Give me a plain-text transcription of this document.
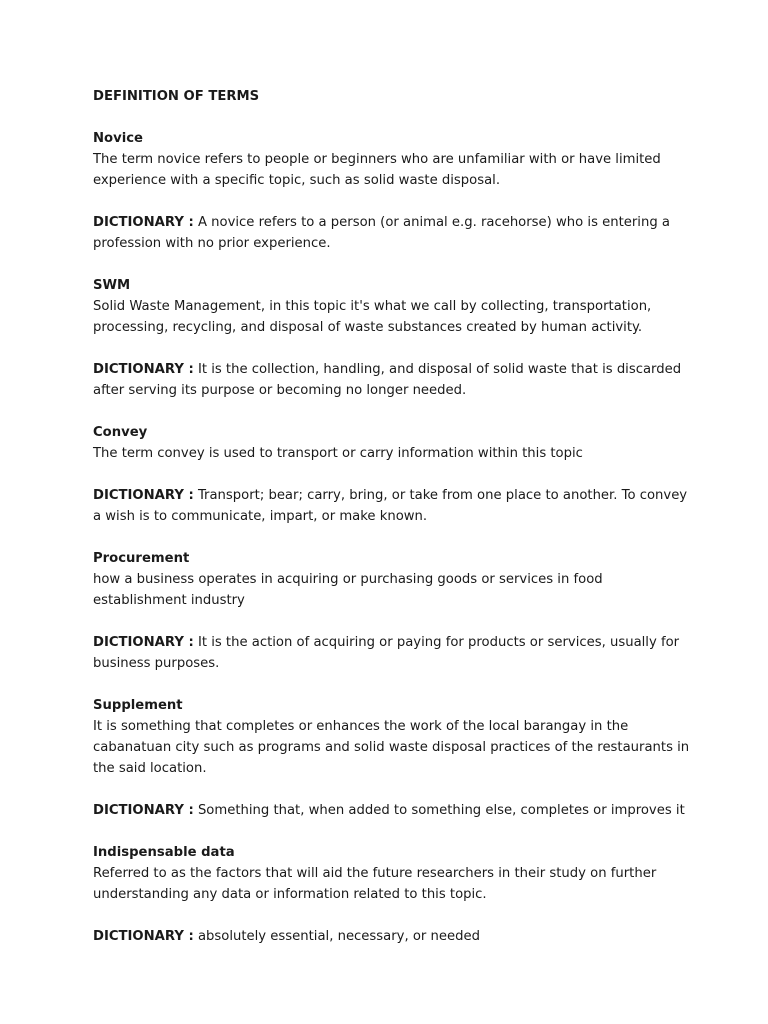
DEFINITION OF TERMS
Novice
The term novice refers to people or beginners who are unfamiliar with or have limited experience with a specific topic, such as solid waste disposal.
DICTIONARY : A novice refers to a person (or animal e.g. racehorse) who is entering a profession with no prior experience.
SWM
Solid Waste Management, in this topic it's what we call by collecting, transportation, processing, recycling, and disposal of waste substances created by human activity.
DICTIONARY : It is the collection, handling, and disposal of solid waste that is discarded after serving its purpose or becoming no longer needed.
Convey
The term convey is used to transport or carry information within this topic
DICTIONARY : Transport; bear; carry, bring, or take from one place to another. To convey a wish is to communicate, impart, or make known.
Procurement
how a business operates in acquiring or purchasing goods or services in food establishment industry
DICTIONARY : It is the action of acquiring or paying for products or services, usually for business purposes.
Supplement
It is something that completes or enhances the work of the local barangay in the cabanatuan city such as programs and solid waste disposal practices of the restaurants in the said location.
DICTIONARY : Something that, when added to something else, completes or improves it
Indispensable data
Referred to as the factors that will aid the future researchers in their study on further understanding any data or information related to this topic.
DICTIONARY : absolutely essential, necessary, or needed
